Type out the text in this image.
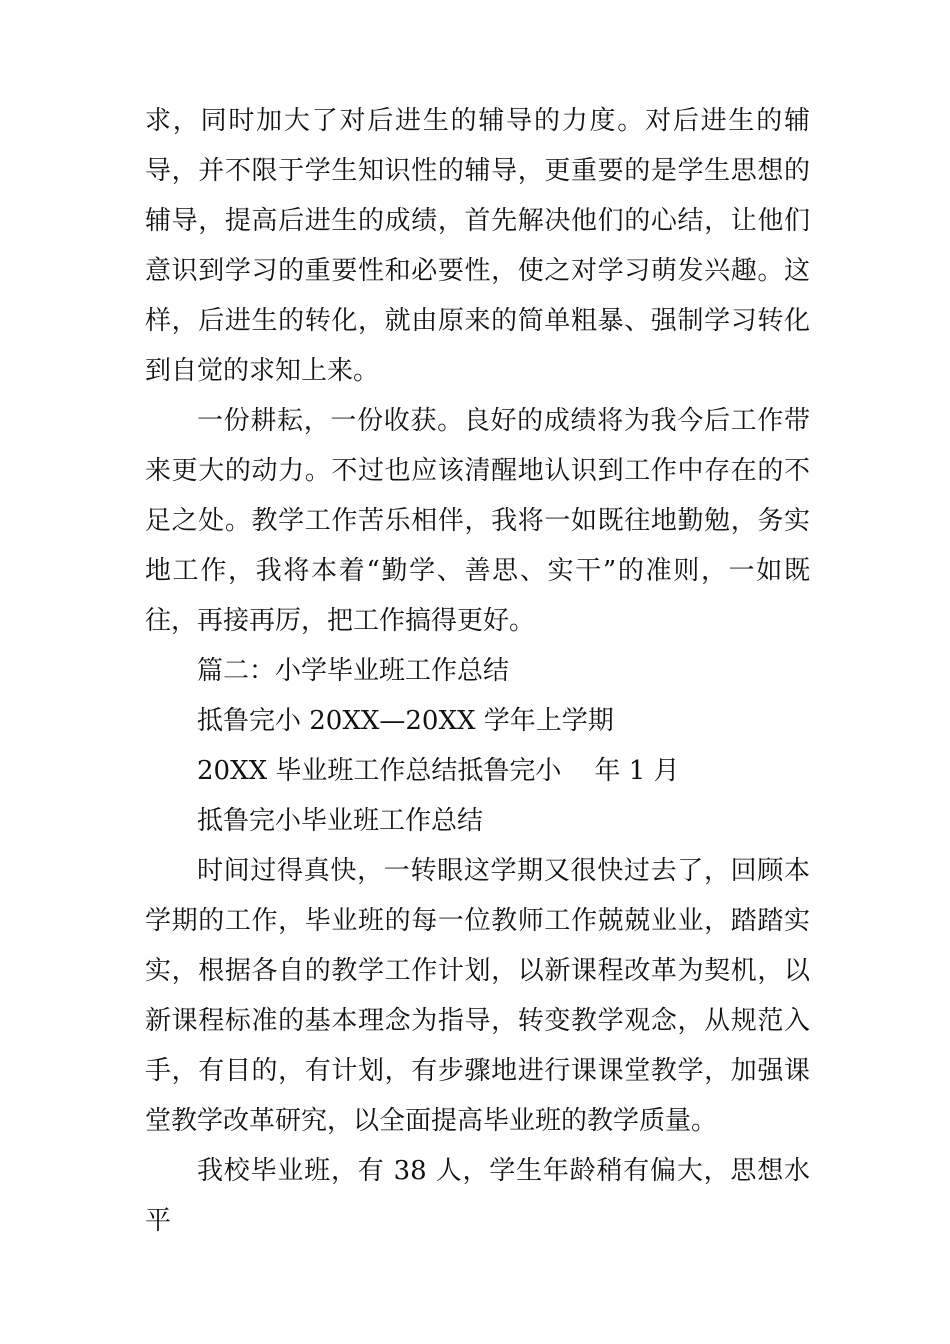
求，同时加大了对后进生的辅导的力度。对后进生的辅导，并不限于学生知识性的辅导，更重要的是学生思想的辅导，提高后进生的成绩，首先解决他们的心结，让他们意识到学习的重要性和必要性，使之对学习萌发兴趣。这样，后进生的转化，就由原来的简单粗暴、强制学习转化到自觉的求知上来。

一份耕耘，一份收获。良好的成绩将为我今后工作带来更大的动力。不过也应该清醒地认识到工作中存在的不足之处。教学工作苦乐相伴，我将一如既往地勤勉，务实地工作，我将本着“勤学、善思、实干”的准则，一如既往，再接再厉，把工作搞得更好。

篇二：小学毕业班工作总结

抵鲁完小 20XX—20XX 学年上学期

20XX 毕业班工作总结抵鲁完小    年 1 月

抵鲁完小毕业班工作总结

时间过得真快，一转眼这学期又很快过去了，回顾本学期的工作，毕业班的每一位教师工作兢兢业业，踏踏实实，根据各自的教学工作计划，以新课程改革为契机，以新课程标准的基本理念为指导，转变教学观念，从规范入手，有目的，有计划，有步骤地进行课课堂教学，加强课堂教学改革研究，以全面提高毕业班的教学质量。

我校毕业班，有 38 人，学生年龄稍有偏大，思想水平
